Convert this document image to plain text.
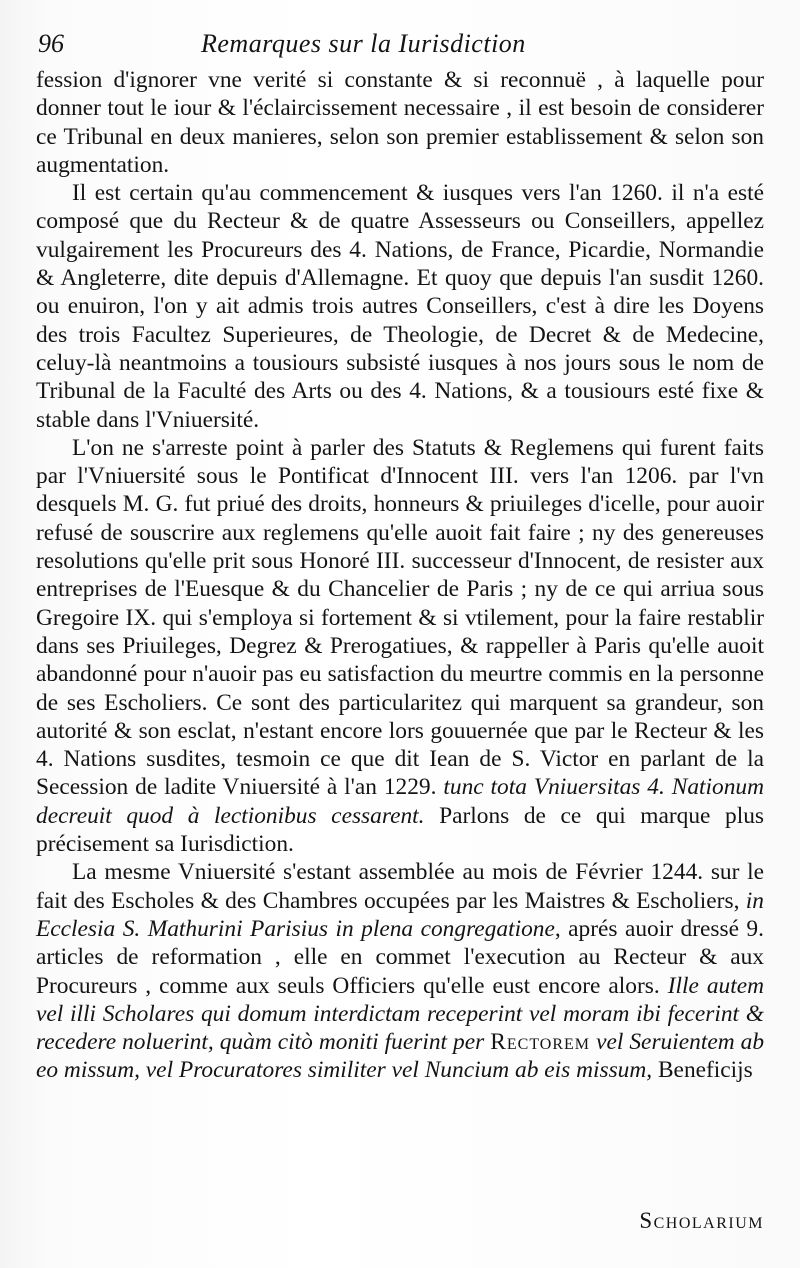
96	Remarques sur la Iurisdiction

fession d'ignorer vne verité si constante & si reconnuë , à laquelle pour donner tout le iour & l'éclaircissement necessaire , il est besoin de considerer ce Tribunal en deux manieres, selon son premier establissement & selon son augmentation.

Il est certain qu'au commencement & iusques vers l'an 1260. il n'a esté composé que du Recteur & de quatre Assesseurs ou Conseillers, appellez vulgairement les Procureurs des 4. Nations, de France, Picardie, Normandie & Angleterre, dite depuis d'Allemagne. Et quoy que depuis l'an susdit 1260. ou enuiron, l'on y ait admis trois autres Conseillers, c'est à dire les Doyens des trois Facultez Superieures, de Theologie, de Decret & de Medecine, celuy-là neantmoins a tousiours subsisté iusques à nos jours sous le nom de Tribunal de la Faculté des Arts ou des 4. Nations, & a tousiours esté fixe & stable dans l'Vniuersité.

L'on ne s'arreste point à parler des Statuts & Reglemens qui furent faits par l'Vniuersité sous le Pontificat d'Innocent III. vers l'an 1206. par l'vn desquels M. G. fut priué des droits, honneurs & priuileges d'icelle, pour auoir refusé de souscrire aux reglemens qu'elle auoit fait faire ; ny des genereuses resolutions qu'elle prit sous Honoré III. successeur d'Innocent, de resister aux entreprises de l'Euesque & du Chancelier de Paris ; ny de ce qui arriua sous Gregoire IX. qui s'employa si fortement & si vtilement, pour la faire restablir dans ses Priuileges, Degrez & Prerogatiues, & rappeller à Paris qu'elle auoit abandonné pour n'auoir pas eu satisfaction du meurtre commis en la personne de ses Escholiers. Ce sont des particularitez qui marquent sa grandeur, son autorité & son esclat, n'estant encore lors gouuernée que par le Recteur & les 4. Nations susdites, tesmoin ce que dit Iean de S. Victor en parlant de la Secession de ladite Vniuersité à l'an 1229. tunc tota Vniuersitas 4. Nationum decreuit quod à lectionibus cessarent. Parlons de ce qui marque plus précisement sa Iurisdiction.

La mesme Vniuersité s'estant assemblée au mois de Février 1244. sur le fait des Escholes & des Chambres occupées par les Maistres & Escholiers, in Ecclesia S. Mathurini Parisius in plena congregatione, aprés auoir dressé 9. articles de reformation , elle en commet l'execution au Recteur & aux Procureurs , comme aux seuls Officiers qu'elle eust encore alors. Ille autem vel illi Scholares qui domum interdictam receperint vel moram ibi fecerint & recedere noluerint, quàm citò moniti fuerint per Rectorem vel Seruientem ab eo missum, vel Procuratores similiter vel Nuncium ab eis missum, Beneficijs

Scholarium
